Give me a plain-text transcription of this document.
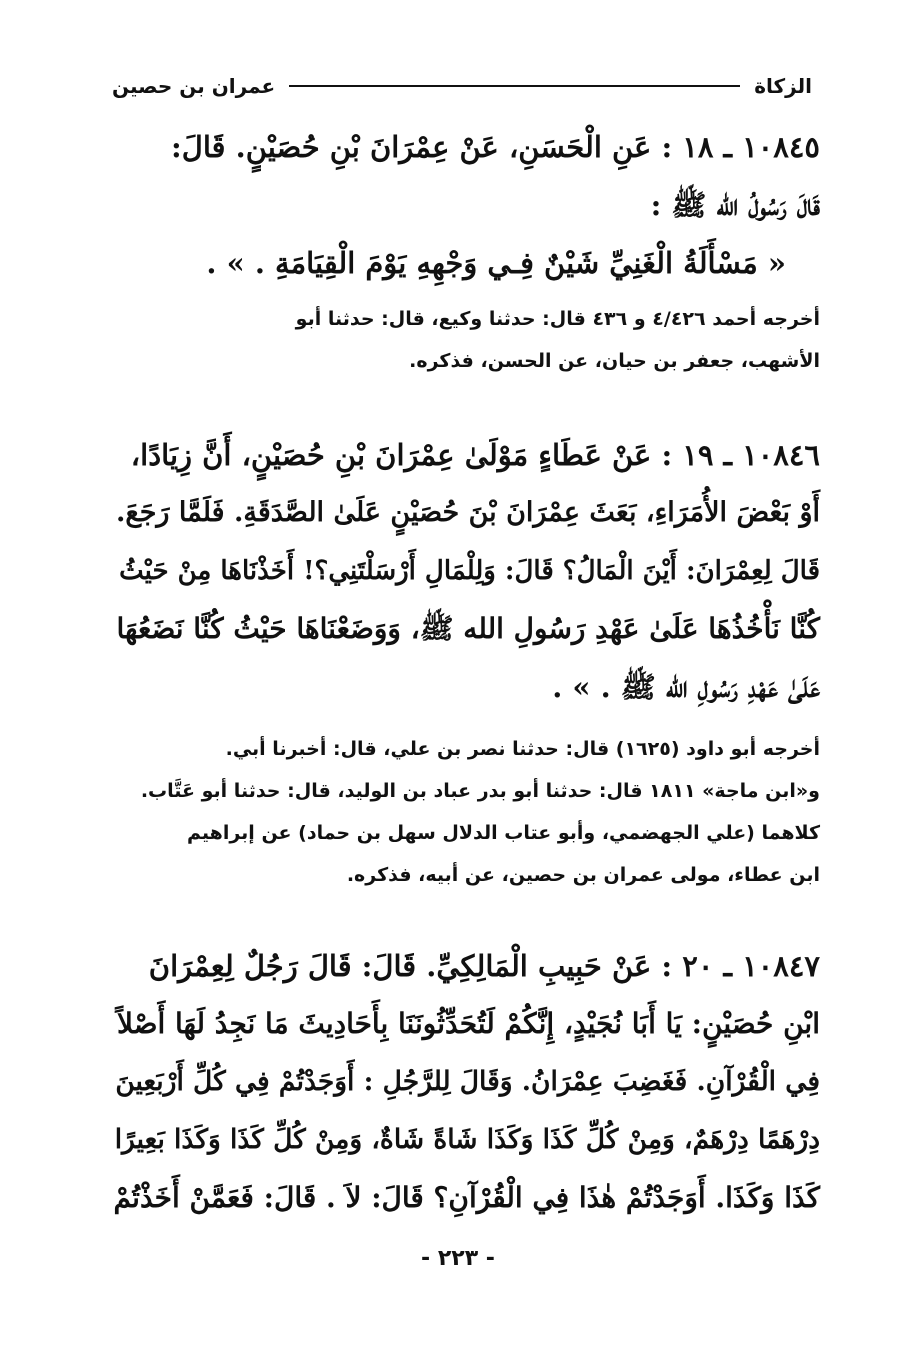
الزكاة
عمران بن حصين
١٠٨٤٥ ـ ١٨ : عَنِ الْحَسَنِ، عَنْ عِمْرَانَ بْنِ حُصَيْنٍ. قَالَ:
قَالَ رَسُولُ الله ﷺ :
« مَسْأَلَةُ الْغَنِيِّ شَيْنٌ فِـي وَجْهِهِ يَوْمَ الْقِيَامَةِ . » .
أخرجه أحمد ٤/٤٢٦ و ٤٣٦ قال: حدثنا وكيع، قال: حدثنا أبو
الأشهب، جعفر بن حيان، عن الحسن، فذكره.
١٠٨٤٦ ـ ١٩ : عَنْ عَطَاءٍ مَوْلَىٰ عِمْرَانَ بْنِ حُصَيْنٍ، أَنَّ زِيَادًا،
أَوْ بَعْضَ الأُمَرَاءِ، بَعَثَ عِمْرَانَ بْنَ حُصَيْنٍ عَلَىٰ الصَّدَقَةِ. فَلَمَّا رَجَعَ.
قَالَ لِعِمْرَانَ: أَيْنَ الْمَالُ؟ قَالَ: وَلِلْمَالِ أَرْسَلْتَنِي؟! أَخَذْنَاهَا مِنْ حَيْثُ
كُنَّا نَأْخُذُهَا عَلَىٰ عَهْدِ رَسُولِ الله ﷺ، وَوَضَعْنَاهَا حَيْثُ كُنَّا نَضَعُهَا
عَلَىٰ عَهْدِ رَسُولِ الله ﷺ . » .
أخرجه أبو داود (١٦٢٥) قال: حدثنا نصر بن علي، قال: أخبرنا أبي.
و«ابن ماجة» ١٨١١ قال: حدثنا أبو بدر عباد بن الوليد، قال: حدثنا أبو عَتَّاب.
كلاهما (علي الجهضمي، وأبو عتاب الدلال سهل بن حماد) عن إبراهيم
ابن عطاء، مولى عمران بن حصين، عن أبيه، فذكره.
١٠٨٤٧ ـ ٢٠ : عَنْ حَبِيبِ الْمَالِكِيِّ. قَالَ: قَالَ رَجُلٌ لِعِمْرَانَ
ابْنِ حُصَيْنٍ: يَا أَبَا نُجَيْدٍ، إِنَّكُمْ لَتُحَدِّثُونَنَا بِأَحَادِيثَ مَا نَجِدُ لَهَا أَصْلاً
فِي الْقُرْآنِ. فَغَضِبَ عِمْرَانُ. وَقَالَ لِلرَّجُلِ : أَوَجَدْتُمْ فِي كُلِّ أَرْبَعِينَ
دِرْهَمًا دِرْهَمٌ، وَمِنْ كُلِّ كَذَا وَكَذَا شَاةً شَاةٌ، وَمِنْ كُلِّ كَذَا وَكَذَا بَعِيرًا
كَذَا وَكَذَا. أَوَجَدْتُمْ هٰذَا فِي الْقُرْآنِ؟ قَالَ: لاَ . قَالَ: فَعَمَّنْ أَخَذْتُمْ
- ٢٢٣ -
